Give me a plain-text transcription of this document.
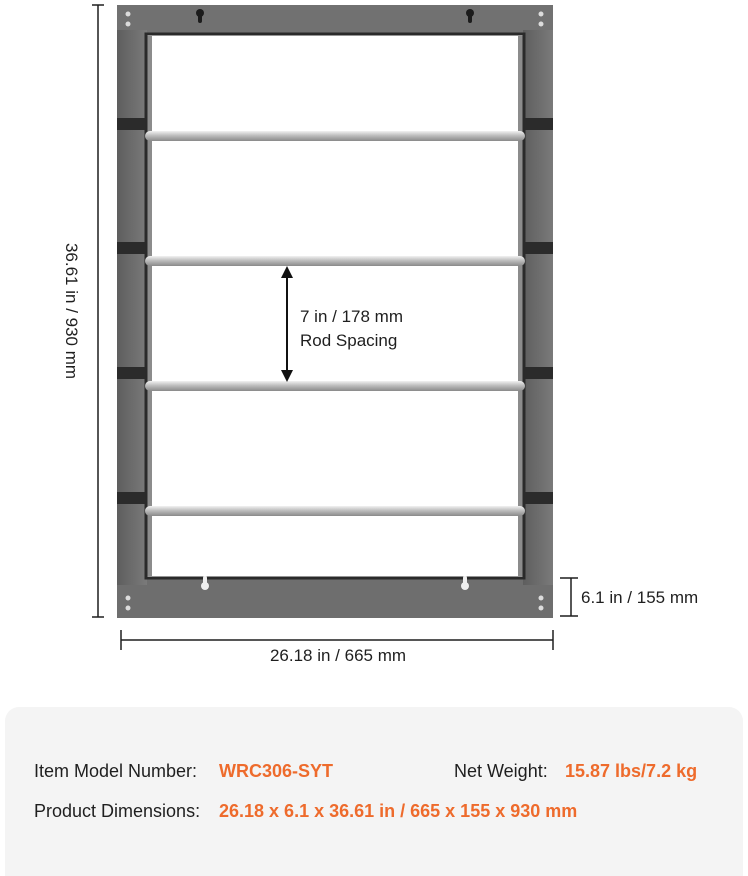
36.61 in / 930 mm
26.18 in / 665 mm
6.1 in / 155 mm
7 in / 178 mm
Rod Spacing
Item Model Number: WRC306-SYT	Net Weight: 15.87 lbs/7.2 kg
Product Dimensions: 26.18 x 6.1 x 36.61 in / 665 x 155 x 930 mm
